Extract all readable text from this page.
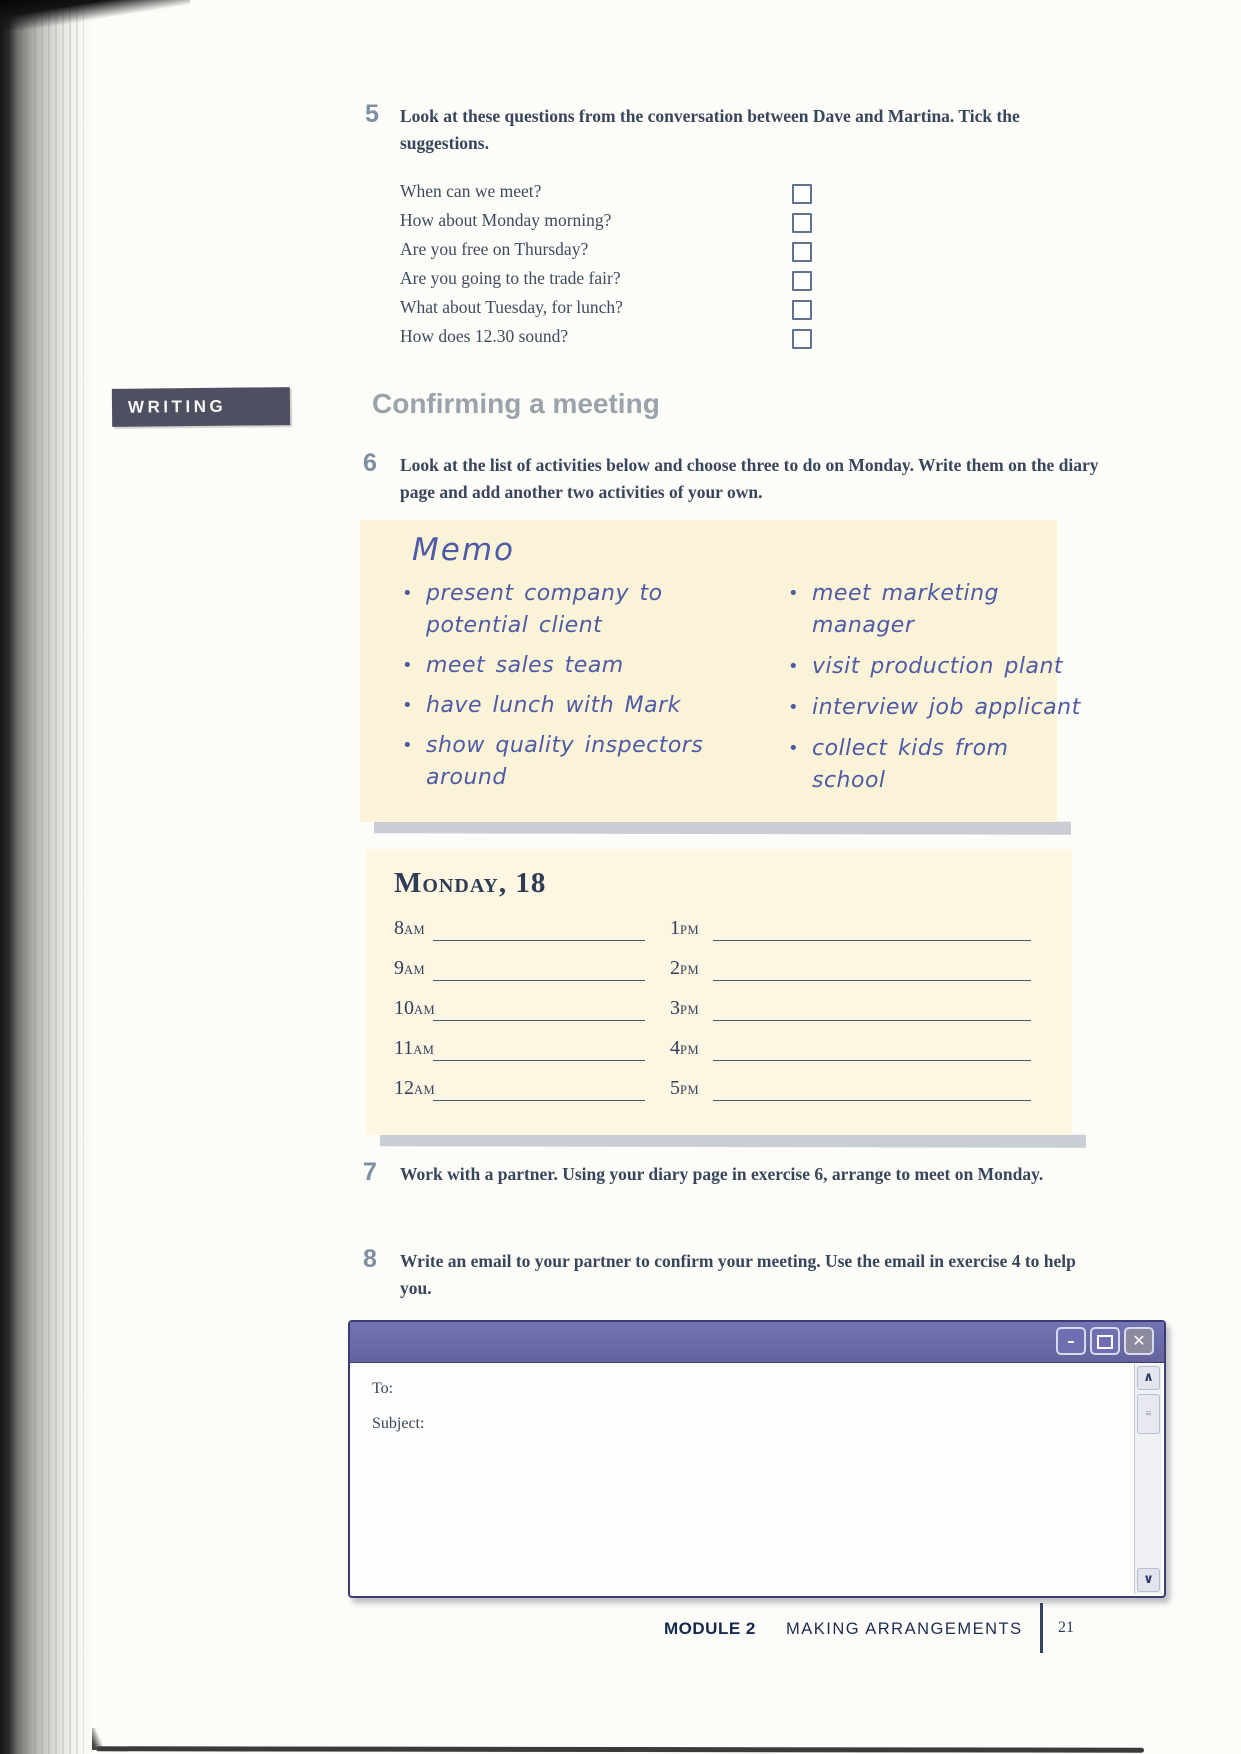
5 Look at these questions from the conversation between Dave and Martina. Tick the suggestions.
When can we meet?
How about Monday morning?
Are you free on Thursday?
Are you going to the trade fair?
What about Tuesday, for lunch?
How does 12.30 sound?
WRITING	Confirming a meeting
6 Look at the list of activities below and choose three to do on Monday. Write them on the diary page and add another two activities of your own.
Memo
• present company to potential client
• meet sales team
• have lunch with Mark
• show quality inspectors around
• meet marketing manager
• visit production plant
• interview job applicant
• collect kids from school
Monday, 18
8AM
9AM
10AM
11AM
12AM
1PM
2PM
3PM
4PM
5PM
7 Work with a partner. Using your diary page in exercise 6, arrange to meet on Monday.
8 Write an email to your partner to confirm your meeting. Use the email in exercise 4 to help you.
–	✕
To:
Subject:
∧
≡
∨
MODULE 2 MAKING ARRANGEMENTS 21
